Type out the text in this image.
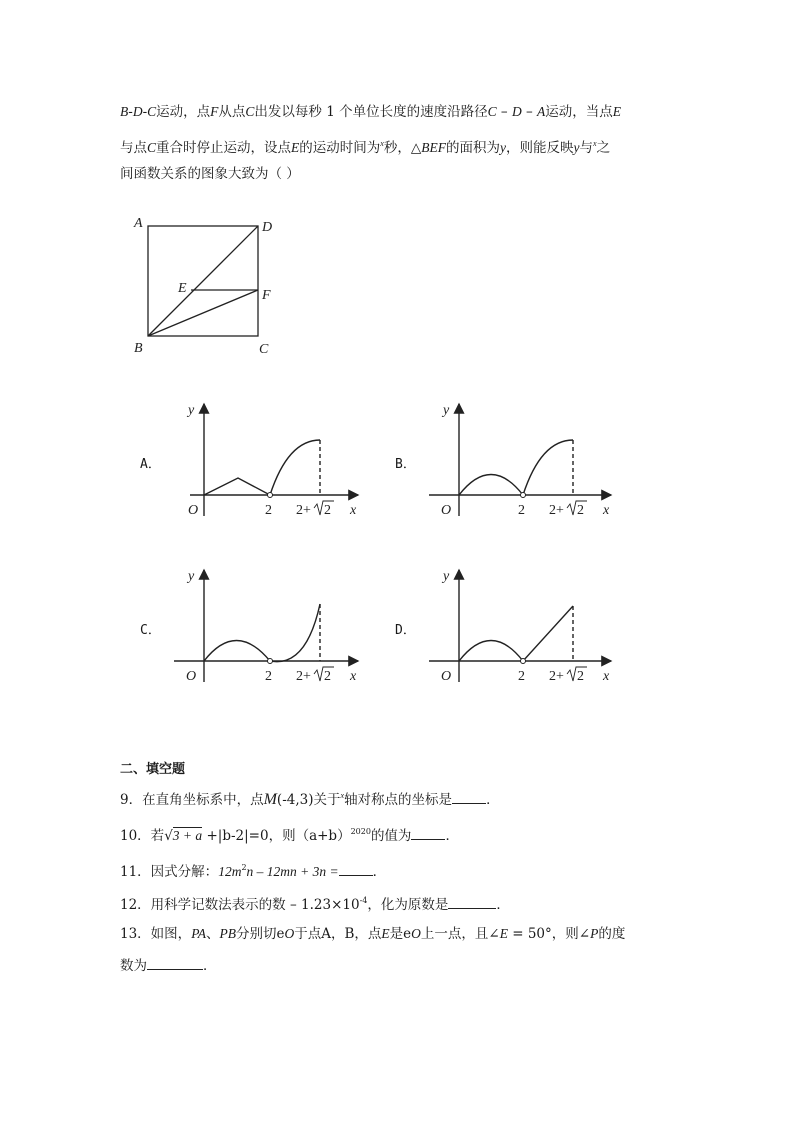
B-D-C运动，点F从点C出发以每秒 1 个单位长度的速度沿路径C – D – A运动，当点E
与点C重合时停止运动，设点E的运动时间为$^x$秒，△BEF的面积为y，则能反映y与$^x$之
间函数关系的图象大致为（ ）
A	D
E	F
B	C
A．	B．
C．	D．
y
x
O	2 2+ 2
y
x
O	2 2+ 2
y
x
O	2 2+ 2
y
x
O	2 2+ 2
二、填空题
9．在直角坐标系中，点M(-4,3)关于$^x$轴对称点的坐标是	．
10．若√3 + a +|b-2|=0，则$(a+b)^{2020}$的值为	．
11．因式分解：$12m^2n - 12mn + 3n$ =	．
12．用科学记数法表示的数 – $1.23\times 10^{-4}$，化为原数是	．
13．如图，PA、PB分别切eO于点A，B，点E是eO上一点，且∠E = 50°，则∠P的度
数为	．
